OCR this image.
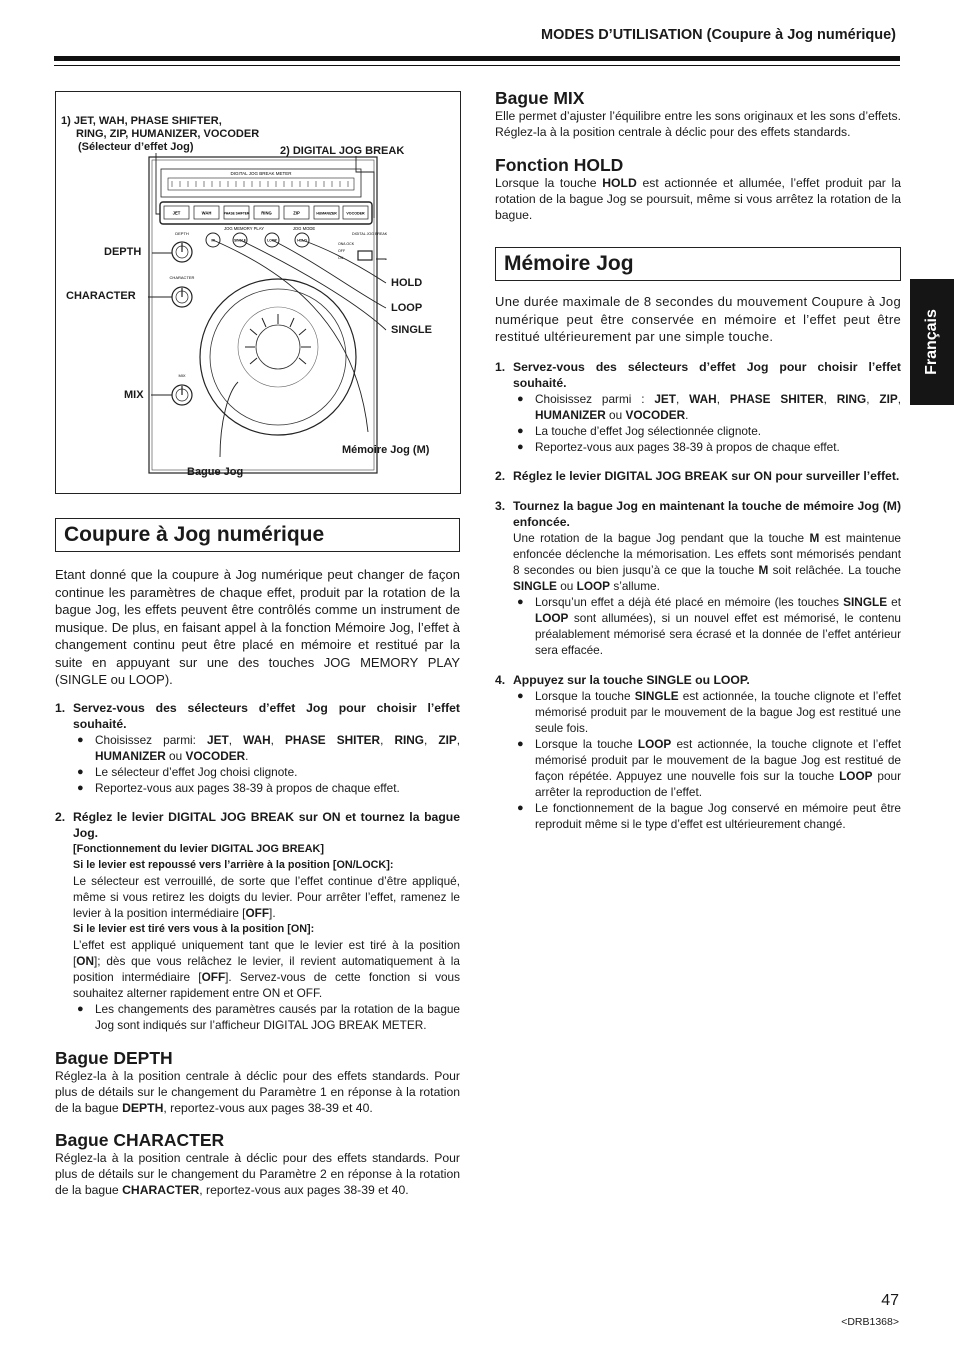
MODES D’UTILISATION (Coupure à Jog numérique)
Français
DIGITAL JOG BREAK METER
JET	WAH	PHASE SHIFTER	RING	ZIP	HUMANIZER	VOCODER
JOG MEMORY PLAY	JOG MODE
M	SINGLE	LOOP	HOLD
DIGITAL JOG BREAK
ON/LOCK
OFF
ON
DEPTH
CHARACTER
MIX
1) JET, WAH, PHASE SHIFTER,
RING, ZIP, HUMANIZER, VOCODER
(Sélecteur d’effet Jog)	2) DIGITAL JOG BREAK
DEPTH
CHARACTER
MIX
HOLD
LOOP
SINGLE
Mémoire Jog (M)
Bague Jog
Coupure à Jog numérique

Etant donné que la coupure à Jog numérique peut changer de façon continue les paramètres de chaque effet, produit par la rotation de la bague Jog, les effets peuvent être contrôlés comme un instrument de musique. De plus, en faisant appel à la fonction Mémoire Jog, l’effet à changement continu peut être placé en mémoire et restitué par la suite en appuyant sur une des touches JOG MEMORY PLAY (SINGLE ou LOOP).

1. Servez-vous des sélecteurs d’effet Jog pour choisir l’effet souhaité.
● Choisissez parmi: JET, WAH, PHASE SHITER, RING, ZIP, HUMANIZER ou VOCODER.
● Le sélecteur d’effet Jog choisi clignote.
● Reportez-vous aux pages 38-39 à propos de chaque effet.
2. Réglez le levier DIGITAL JOG BREAK sur ON et tournez la bague Jog.
[Fonctionnement du levier DIGITAL JOG BREAK]
Si le levier est repoussé vers l’arrière à la position [ON/LOCK]:
Le sélecteur est verrouillé, de sorte que l’effet continue d’être appliqué, même si vous retirez les doigts du levier. Pour arrêter l’effet, ramenez le levier à la position intermédiaire [OFF].
Si le levier est tiré vers vous à la position [ON]:
L’effet est appliqué uniquement tant que le levier est tiré à la position [ON]; dès que vous relâchez le levier, il revient automatiquement à la position intermédiaire [OFF]. Servez-vous de cette fonction si vous souhaitez alterner rapidement entre ON et OFF.
● Les changements des paramètres causés par la rotation de la bague Jog sont indiqués sur l’afficheur DIGITAL JOG BREAK METER.
Bague DEPTH

Réglez-la à la position centrale à déclic pour des effets standards. Pour plus de détails sur le changement du Paramètre 1 en réponse à la rotation de la bague DEPTH, reportez-vous aux pages 38-39 et 40.

Bague CHARACTER

Réglez-la à la position centrale à déclic pour des effets standards. Pour plus de détails sur le changement du Paramètre 2 en réponse à la rotation de la bague CHARACTER, reportez-vous aux pages 38-39 et 40.

Bague MIX

Elle permet d’ajuster l’équilibre entre les sons originaux et les sons d’effets. Réglez-la à la position centrale à déclic pour des effets standards.

Fonction HOLD

Lorsque la touche HOLD est actionnée et allumée, l’effet produit par la rotation de la bague Jog se poursuit, même si vous arrêtez la rotation de la bague.

Mémoire Jog

Une durée maximale de 8 secondes du mouvement Coupure à Jog numérique peut être conservée en mémoire et l’effet peut être restitué ultérieurement par une simple touche.

1. Servez-vous des sélecteurs d’effet Jog pour choisir l’effet souhaité.
● Choisissez parmi : JET, WAH, PHASE SHITER, RING, ZIP, HUMANIZER ou VOCODER.
● La touche d’effet Jog sélectionnée clignote.
● Reportez-vous aux pages 38-39 à propos de chaque effet.
2. Réglez le levier DIGITAL JOG BREAK sur ON pour surveiller l’effet.
3. Tournez la bague Jog en maintenant la touche de mémoire Jog (M) enfoncée.
Une rotation de la bague Jog pendant que la touche M est maintenue enfoncée déclenche la mémorisation. Les effets sont mémorisés pendant 8 secondes ou bien jusqu’à ce que la touche M soit relâchée. La touche SINGLE ou LOOP s’allume.
● Lorsqu’un effet a déjà été placé en mémoire (les touches SINGLE et LOOP sont allumées), si un nouvel effet est mémorisé, le contenu préalablement mémorisé sera écrasé et la donnée de l’effet antérieur sera effacée.
4. Appuyez sur la touche SINGLE ou LOOP.
● Lorsque la touche SINGLE est actionnée, la touche clignote et l’effet mémorisé produit par le mouvement de la bague Jog est restitué une seule fois.
● Lorsque la touche LOOP est actionnée, la touche clignote et l’effet mémorisé produit par le mouvement de la bague Jog est restitué de façon répétée. Appuyez une nouvelle fois sur la touche LOOP pour arrêter la reproduction de l’effet.
● Le fonctionnement de la bague Jog conservé en mémoire peut être reproduit même si le type d’effet est ultérieurement changé.
47
<DRB1368>
